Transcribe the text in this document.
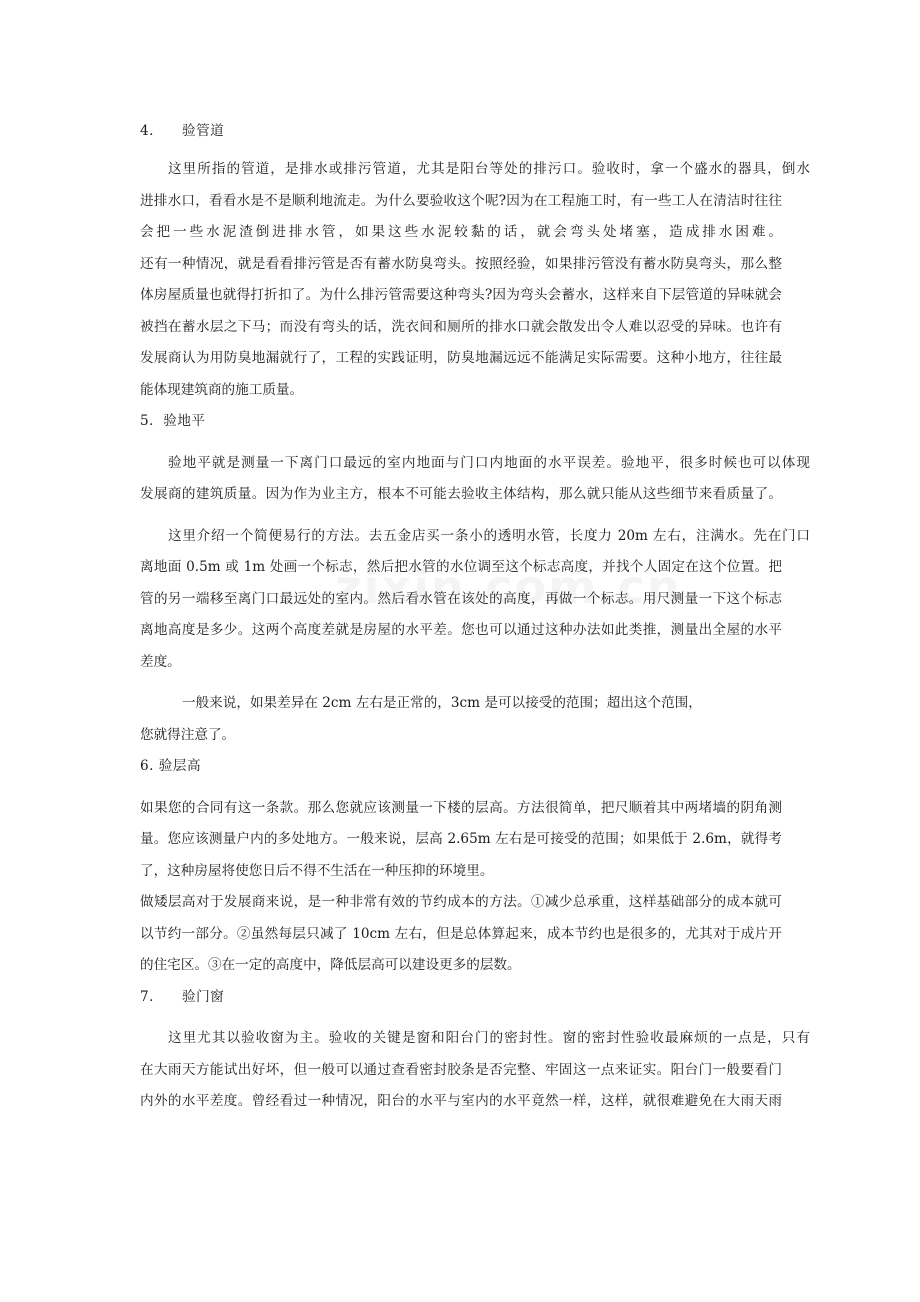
4. 验管道
这里所指的管道，是排水或排污管道，尤其是阳台等处的排污口。验收时，拿一个盛水的器具，倒水
进排水口，看看水是不是顺利地流走。为什么要验收这个呢?因为在工程施工时，有一些工人在清洁时往往
会把一些水泥渣倒进排水管，如果这些水泥较黏的话，就会弯头处堵塞，造成排水困难。
还有一种情况，就是看看排污管是否有蓄水防臭弯头。按照经验，如果排污管没有蓄水防臭弯头，那么整
体房屋质量也就得打折扣了。为什么排污管需要这种弯头?因为弯头会蓄水，这样来自下层管道的异味就会
被挡在蓄水层之下马；而没有弯头的话，洗衣间和厕所的排水口就会散发出令人难以忍受的异味。也许有
发展商认为用防臭地漏就行了，工程的实践证明，防臭地漏远远不能满足实际需要。这种小地方，往往最
能体现建筑商的施工质量。
5．验地平
验地平就是测量一下离门口最远的室内地面与门口内地面的水平误差。验地平，很多时候也可以体现
发展商的建筑质量。因为作为业主方，根本不可能去验收主体结构，那么就只能从这些细节来看质量了。
这里介绍一个简便易行的方法。去五金店买一条小的透明水管，长度力 20m 左右，注满水。先在门口
离地面 0.5m 或 1m 处画一个标志，然后把水管的水位调至这个标志高度，并找个人固定在这个位置。把
管的另一端移至离门口最远处的室内。然后看水管在该处的高度，再做一个标志。用尺测量一下这个标志
离地高度是多少。这两个高度差就是房屋的水平差。您也可以通过这种办法如此类推，测量出全屋的水平
差度。
一般来说，如果差异在 2cm 左右是正常的，3cm 是可以接受的范围；超出这个范围，
您就得注意了。
6. 验层高
如果您的合同有这一条款。那么您就应该测量一下楼的层高。方法很简单，把尺顺着其中两堵墙的阴角测
量。您应该测量户内的多处地方。一般来说，层高 2.65m 左右是可接受的范围；如果低于 2.6m，就得考
了，这种房屋将使您日后不得不生活在一种压抑的环境里。
做矮层高对于发展商来说，是一种非常有效的节约成本的方法。①减少总承重，这样基础部分的成本就可
以节约一部分。②虽然每层只减了 10cm 左右，但是总体算起来，成本节约也是很多的，尤其对于成片开
的住宅区。③在一定的高度中，降低层高可以建设更多的层数。
7. 验门窗
这里尤其以验收窗为主。验收的关键是窗和阳台门的密封性。窗的密封性验收最麻烦的一点是，只有
在大雨天方能试出好坏，但一般可以通过查看密封胶条是否完整、牢固这一点来证实。阳台门一般要看门
内外的水平差度。曾经看过一种情况，阳台的水平与室内的水平竟然一样，这样，就很难避免在大雨天雨
